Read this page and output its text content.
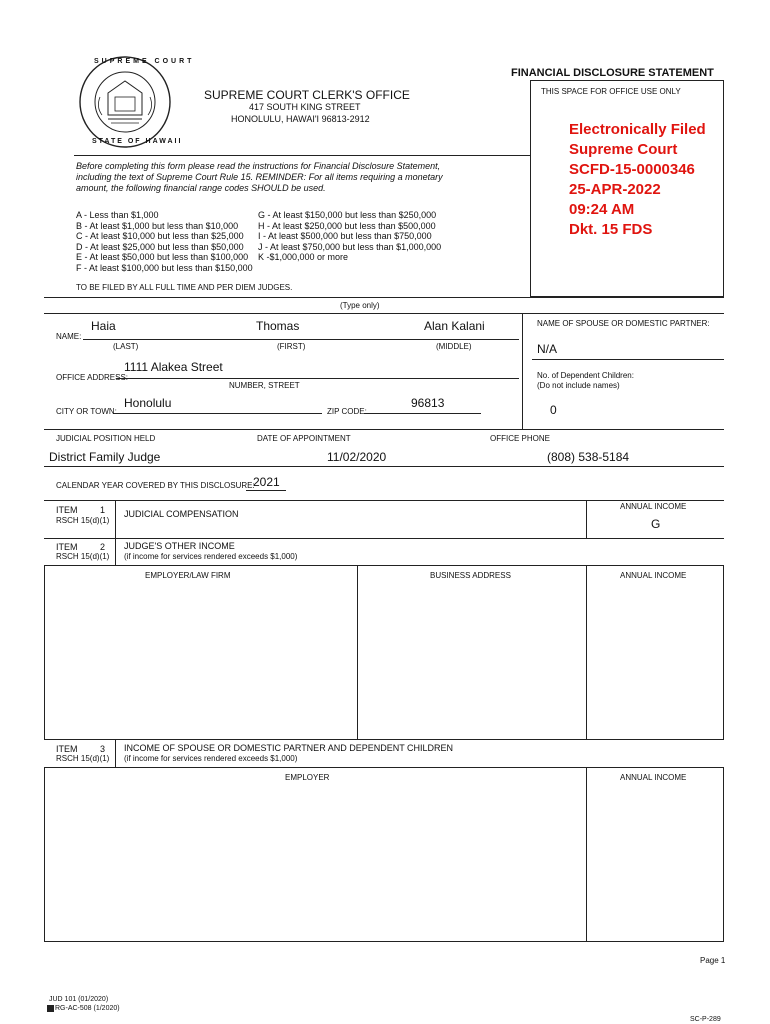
SUPREME COURT
STATE OF HAWAII
FINANCIAL DISCLOSURE STATEMENT
SUPREME COURT CLERK'S OFFICE
417 SOUTH KING STREET
HONOLULU, HAWAI'I 96813-2912
THIS SPACE FOR OFFICE USE ONLY
Electronically Filed
Supreme Court
SCFD-15-0000346
25-APR-2022
09:24 AM
Dkt. 15 FDS
Before completing this form please read the instructions for Financial Disclosure Statement, including the text of Supreme Court Rule 15. REMINDER: For all items requiring a monetary amount, the following financial range codes SHOULD be used.
A - Less than $1,000
B - At least $1,000 but less than $10,000
C - At least $10,000 but less than $25,000
D - At least $25,000 but less than $50,000
E - At least $50,000 but less than $100,000
F - At least $100,000 but less than $150,000
G - At least $150,000 but less than $250,000
H - At least $250,000 but less than $500,000
I - At least $500,000 but less than $750,000
J - At least $750,000 but less than $1,000,000
K -$1,000,000 or more
TO BE FILED BY ALL FULL TIME AND PER DIEM JUDGES.
(Type only)
NAME:
Haia	Thomas	Alan Kalani
(LAST)	(FIRST)	(MIDDLE)
NAME OF SPOUSE OR DOMESTIC PARTNER:
N/A
OFFICE ADDRESS:
1111 Alakea Street
NUMBER, STREET
No. of Dependent Children:
(Do not include names)
0
CITY OR TOWN:
Honolulu
ZIP CODE:
96813
JUDICIAL POSITION HELD	DATE OF APPOINTMENT	OFFICE PHONE
District Family Judge	11/02/2020	(808) 538-5184
CALENDAR YEAR COVERED BY THIS DISCLOSURE:
2021
ITEM	1
RSCH 15(d)(1)
JUDICIAL COMPENSATION
ANNUAL INCOME
G
ITEM	2
RSCH 15(d)(1)
JUDGE'S OTHER INCOME
(if income for services rendered exceeds $1,000)
EMPLOYER/LAW FIRM	BUSINESS ADDRESS	ANNUAL INCOME
ITEM	3
RSCH 15(d)(1)
INCOME OF SPOUSE OR DOMESTIC PARTNER AND DEPENDENT CHILDREN
(if income for services rendered exceeds $1,000)
EMPLOYER	ANNUAL INCOME
Page 1
JUD 101 (01/2020)
RG-AC-508 (1/2020)
SC-P-289
